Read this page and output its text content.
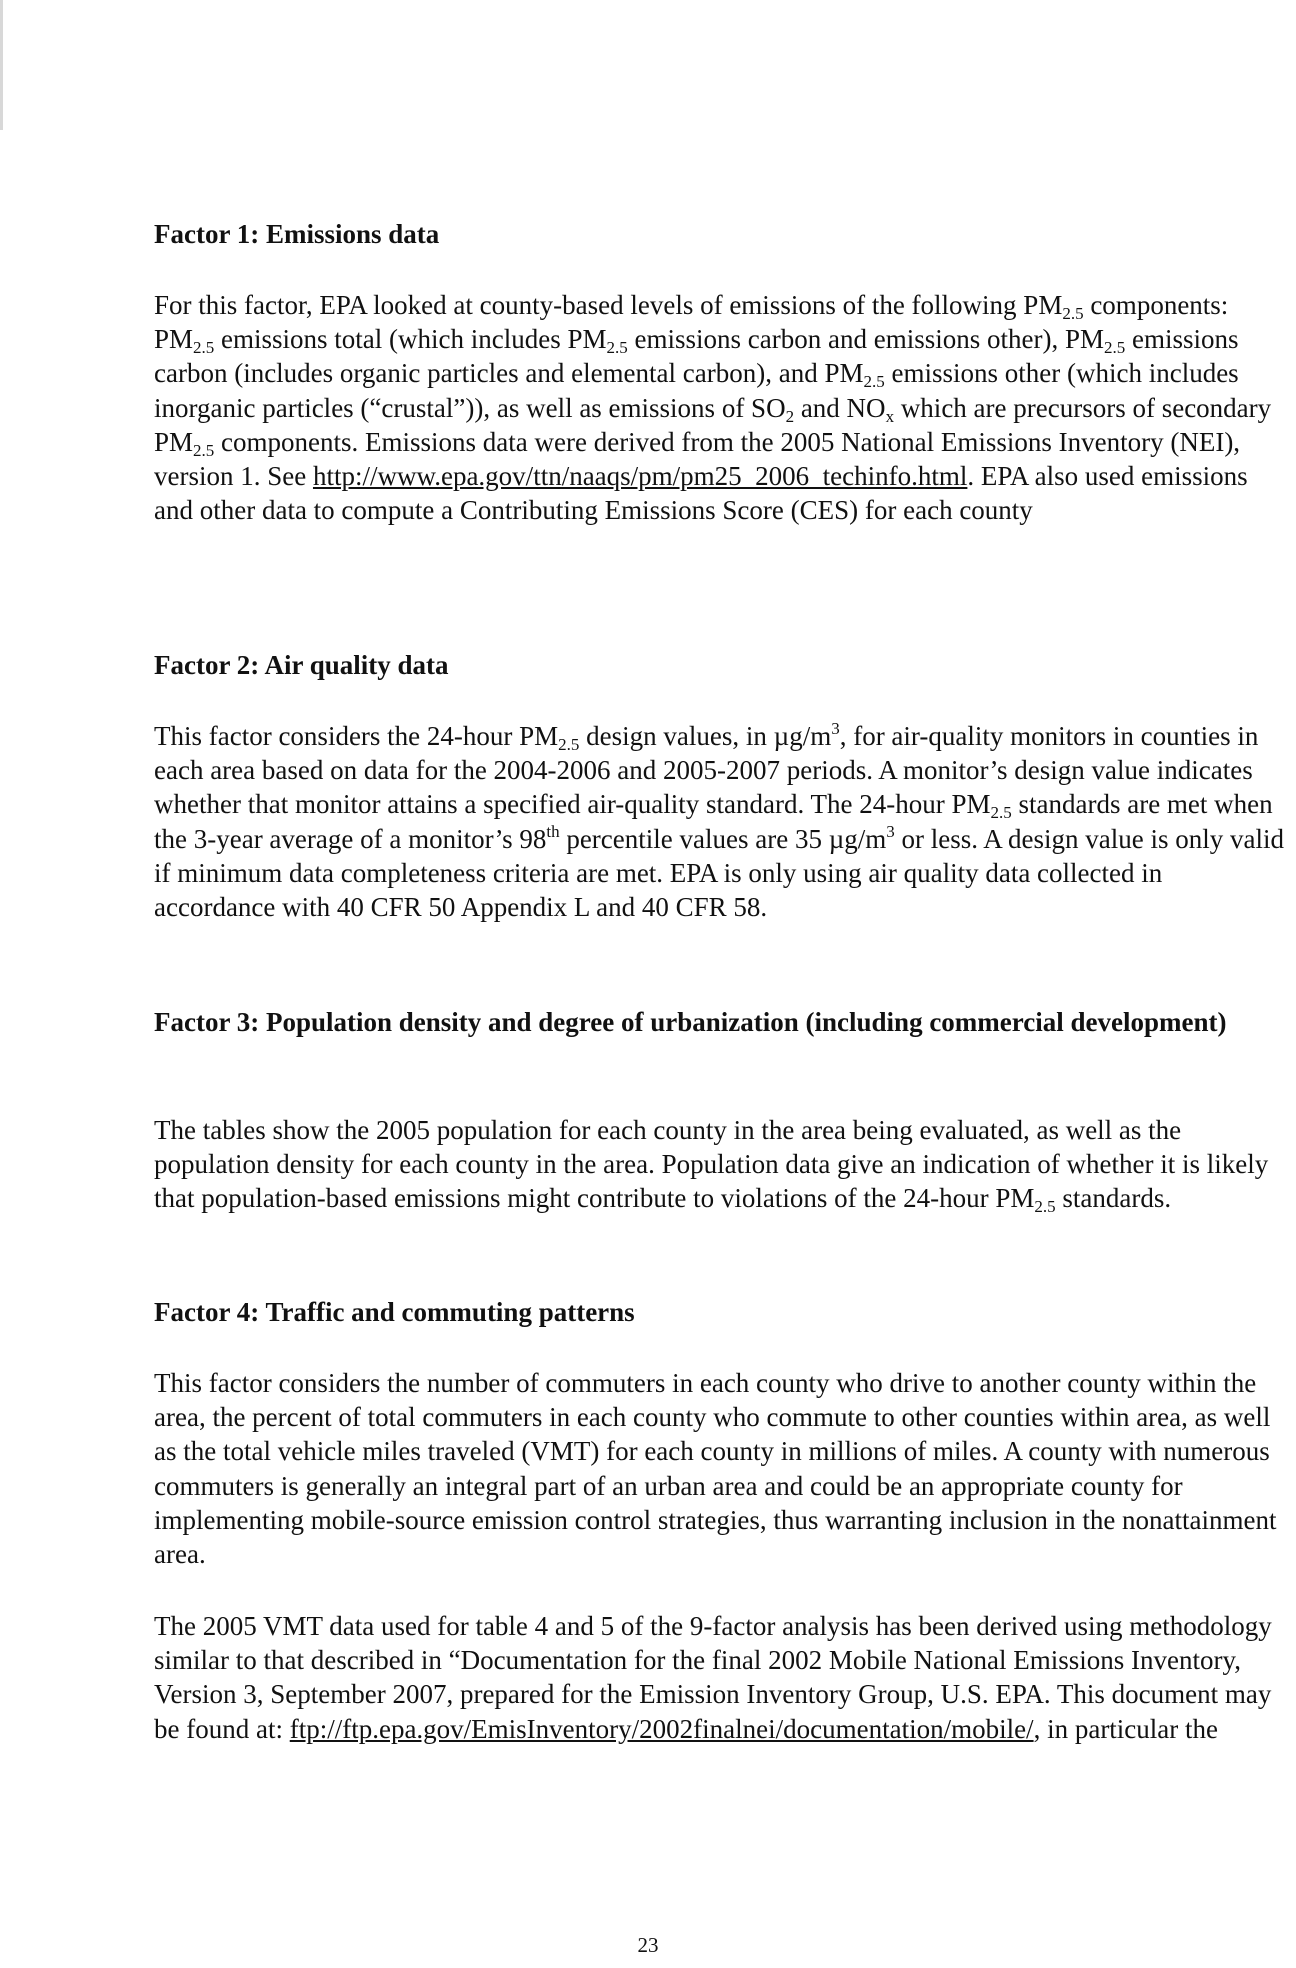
Factor 1: Emissions data

For this factor, EPA looked at county-based levels of emissions of the following $PM_{2.5}$ components: $PM_{2.5}$ emissions total (which includes $PM_{2.5}$ emissions carbon and emissions other), $PM_{2.5}$ emissions carbon (includes organic particles and elemental carbon), and $PM_{2.5}$ emissions other (which includes inorganic particles (“crustal”)), as well as emissions of $SO_2$ and $NO_x$ which are precursors of secondary $PM_{2.5}$ components. Emissions data were derived from the 2005 National Emissions Inventory (NEI), version 1. See http://www.epa.gov/ttn/naaqs/pm/pm25_2006_techinfo.html. EPA also used emissions and other data to compute a Contributing Emissions Score (CES) for each county

Factor 2: Air quality data

This factor considers the 24-hour $PM_{2.5}$ design values, in $\mu g/m^3$, for air-quality monitors in counties in each area based on data for the 2004-2006 and 2005-2007 periods. A monitor’s design value indicates whether that monitor attains a specified air-quality standard. The 24-hour $PM_{2.5}$ standards are met when the 3-year average of a monitor’s 98th percentile values are 35 $\mu g/m^3$ or less. A design value is only valid if minimum data completeness criteria are met. EPA is only using air quality data collected in accordance with 40 CFR 50 Appendix L and 40 CFR 58.

Factor 3: Population density and degree of urbanization (including commercial development)

The tables show the 2005 population for each county in the area being evaluated, as well as the population density for each county in the area. Population data give an indication of whether it is likely that population-based emissions might contribute to violations of the 24-hour $PM_{2.5}$ standards.

Factor 4: Traffic and commuting patterns

This factor considers the number of commuters in each county who drive to another county within the area, the percent of total commuters in each county who commute to other counties within area, as well as the total vehicle miles traveled (VMT) for each county in millions of miles. A county with numerous commuters is generally an integral part of an urban area and could be an appropriate county for implementing mobile-source emission control strategies, thus warranting inclusion in the nonattainment area.

The 2005 VMT data used for table 4 and 5 of the 9-factor analysis has been derived using methodology similar to that described in “Documentation for the final 2002 Mobile National Emissions Inventory, Version 3, September 2007, prepared for the Emission Inventory Group, U.S. EPA. This document may be found at: ftp://ftp.epa.gov/EmisInventory/2002finalnei/documentation/mobile/, in particular the

23
